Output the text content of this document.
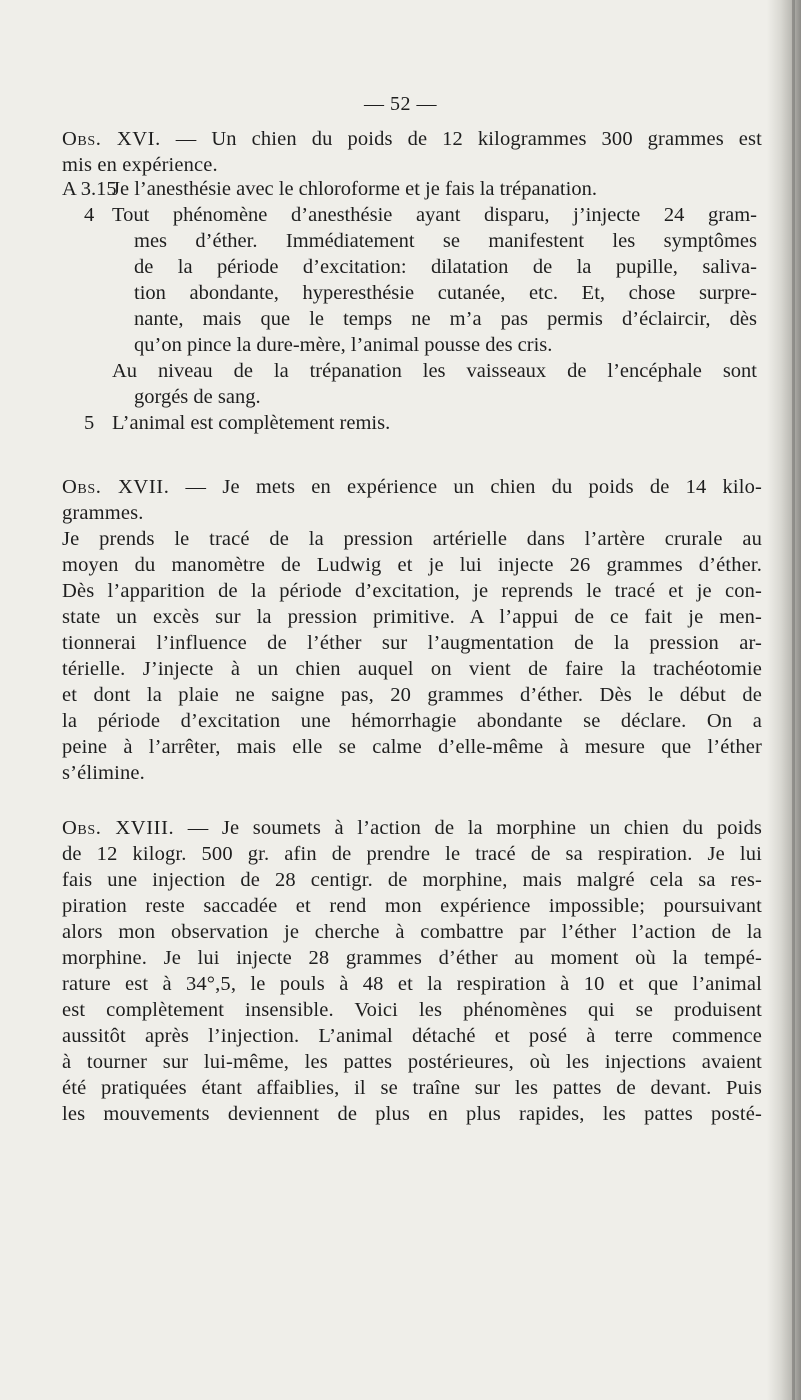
— 52 —
Obs. XVI. — Un chien du poids de 12 kilogrammes 300 grammes est
mis en expérience.
A 3.15
Je l’anesthésie avec le chloroforme et je fais la trépanation.
4 Tout phénomène d’anesthésie ayant disparu, j’injecte 24 gram-
mes d’éther. Immédiatement se manifestent les symptômes
de la période d’excitation: dilatation de la pupille, saliva-
tion abondante, hyperesthésie cutanée, etc. Et, chose surpre-
nante, mais que le temps ne m’a pas permis d’éclaircir, dès
qu’on pince la dure-mère, l’animal pousse des cris.
Au niveau de la trépanation les vaisseaux de l’encéphale sont
gorgés de sang.
5 L’animal est complètement remis.
Obs. XVII. — Je mets en expérience un chien du poids de 14 kilo-
grammes.
Je prends le tracé de la pression artérielle dans l’artère crurale au
moyen du manomètre de Ludwig et je lui injecte 26 grammes d’éther.
Dès l’apparition de la période d’excitation, je reprends le tracé et je con-
state un excès sur la pression primitive. A l’appui de ce fait je men-
tionnerai l’influence de l’éther sur l’augmentation de la pression ar-
térielle. J’injecte à un chien auquel on vient de faire la trachéotomie
et dont la plaie ne saigne pas, 20 grammes d’éther. Dès le début de
la période d’excitation une hémorrhagie abondante se déclare. On a
peine à l’arrêter, mais elle se calme d’elle-même à mesure que l’éther
s’élimine.
Obs. XVIII. — Je soumets à l’action de la morphine un chien du poids
de 12 kilogr. 500 gr. afin de prendre le tracé de sa respiration. Je lui
fais une injection de 28 centigr. de morphine, mais malgré cela sa res-
piration reste saccadée et rend mon expérience impossible; poursuivant
alors mon observation je cherche à combattre par l’éther l’action de la
morphine. Je lui injecte 28 grammes d’éther au moment où la tempé-
rature est à 34°,5, le pouls à 48 et la respiration à 10 et que l’animal
est complètement insensible. Voici les phénomènes qui se produisent
aussitôt après l’injection. L’animal détaché et posé à terre commence
à tourner sur lui-même, les pattes postérieures, où les injections avaient
été pratiquées étant affaiblies, il se traîne sur les pattes de devant. Puis
les mouvements deviennent de plus en plus rapides, les pattes posté-
